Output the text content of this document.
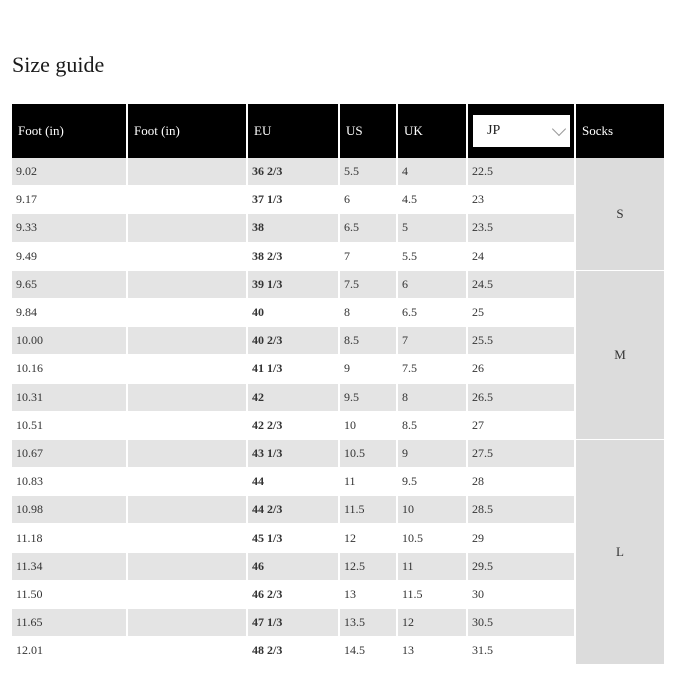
Size guide
Foot (in)	Foot (in)	EU	US	UK	JP	Socks
9.02		36 2/3	5.5	4	22.5	S
9.17		37 1/3	6	4.5	23	
9.33		38	6.5	5	23.5	
9.49		38 2/3	7	5.5	24	
9.65		39 1/3	7.5	6	24.5	M
9.84		40	8	6.5	25	
10.00		40 2/3	8.5	7	25.5	
10.16		41 1/3	9	7.5	26	
10.31		42	9.5	8	26.5	
10.51		42 2/3	10	8.5	27	
10.67		43 1/3	10.5	9	27.5	L
10.83		44	11	9.5	28	
10.98		44 2/3	11.5	10	28.5	
11.18		45 1/3	12	10.5	29	
11.34		46	12.5	11	29.5	
11.50		46 2/3	13	11.5	30	
11.65		47 1/3	13.5	12	30.5	
12.01		48 2/3	14.5	13	31.5	
